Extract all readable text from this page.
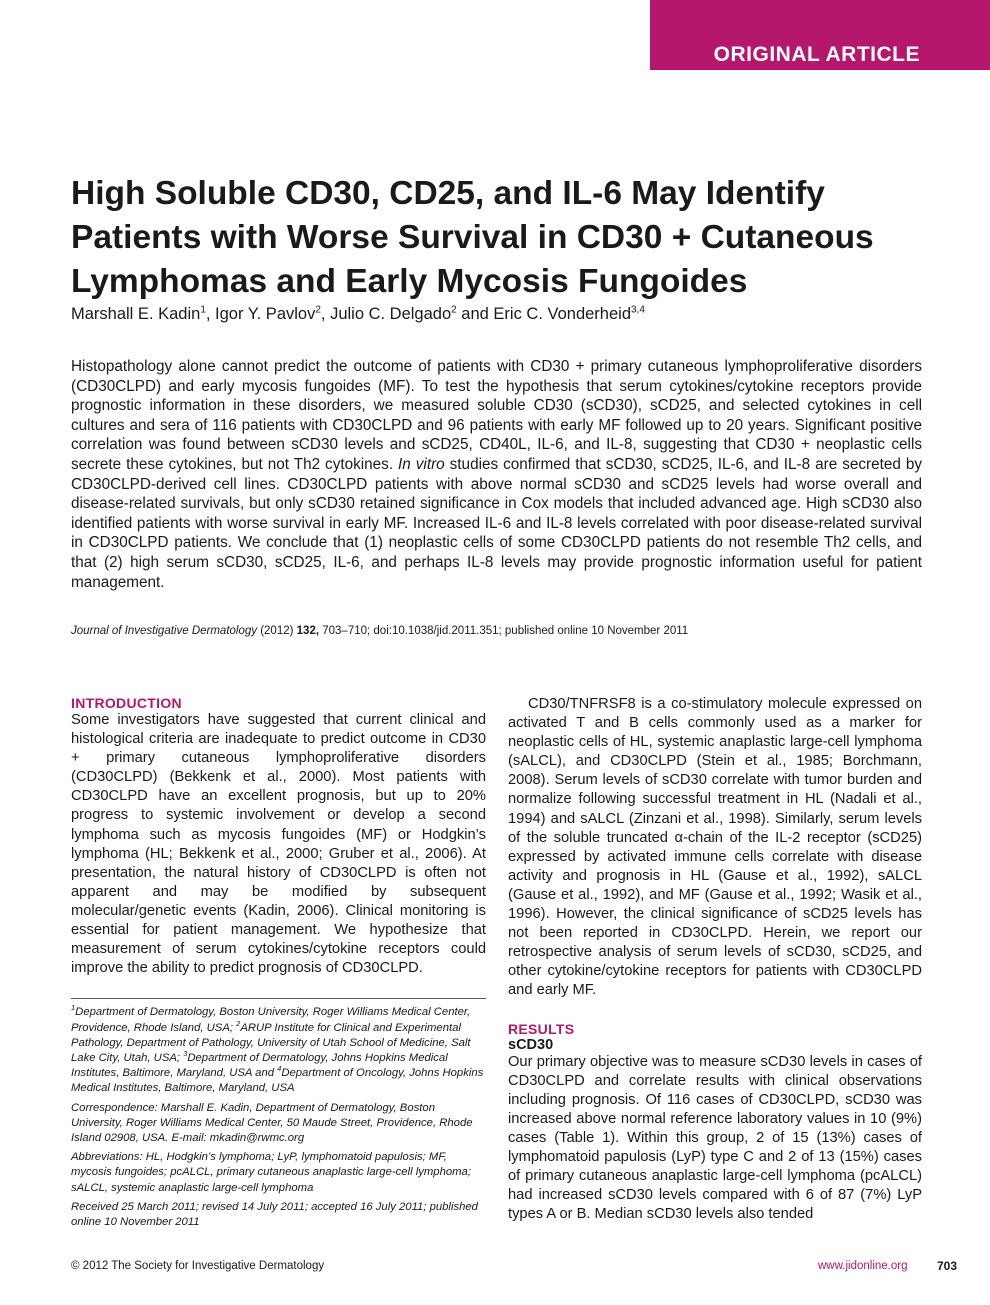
ORIGINAL ARTICLE
High Soluble CD30, CD25, and IL-6 May Identify
Patients with Worse Survival in CD30 + Cutaneous
Lymphomas and Early Mycosis Fungoides
Marshall E. Kadin$^1$, Igor Y. Pavlov$^2$, Julio C. Delgado$^2$ and Eric C. Vonderheid$^{3,4}$

Histopathology alone cannot predict the outcome of patients with CD30 + primary cutaneous lymphoproliferative disorders (CD30CLPD) and early mycosis fungoides (MF). To test the hypothesis that serum cytokines/cytokine receptors provide prognostic information in these disorders, we measured soluble CD30 (sCD30), sCD25, and selected cytokines in cell cultures and sera of 116 patients with CD30CLPD and 96 patients with early MF followed up to 20 years. Significant positive correlation was found between sCD30 levels and sCD25, CD40L, IL-6, and IL-8, suggesting that CD30 + neoplastic cells secrete these cytokines, but not Th2 cytokines. In vitro studies confirmed that sCD30, sCD25, IL-6, and IL-8 are secreted by CD30CLPD-derived cell lines. CD30CLPD patients with above normal sCD30 and sCD25 levels had worse overall and disease-related survivals, but only sCD30 retained significance in Cox models that included advanced age. High sCD30 also identified patients with worse survival in early MF. Increased IL-6 and IL-8 levels correlated with poor disease-related survival in CD30CLPD patients. We conclude that (1) neoplastic cells of some CD30CLPD patients do not resemble Th2 cells, and that (2) high serum sCD30, sCD25, IL-6, and perhaps IL-8 levels may provide prognostic information useful for patient management.

Journal of Investigative Dermatology (2012) 132, 703–710; doi:10.1038/jid.2011.351; published online 10 November 2011
INTRODUCTION

Some investigators have suggested that current clinical and histological criteria are inadequate to predict outcome in CD30 + primary cutaneous lymphoproliferative disorders (CD30CLPD) (Bekkenk et al., 2000). Most patients with CD30CLPD have an excellent prognosis, but up to 20% progress to systemic involvement or develop a second lymphoma such as mycosis fungoides (MF) or Hodgkin’s lymphoma (HL; Bekkenk et al., 2000; Gruber et al., 2006). At presentation, the natural history of CD30CLPD is often not apparent and may be modified by subsequent molecular/genetic events (Kadin, 2006). Clinical monitoring is essential for patient management. We hypothesize that measurement of serum cytokines/cytokine receptors could improve the ability to predict prognosis of CD30CLPD.

$^1$Department of Dermatology, Boston University, Roger Williams Medical Center, Providence, Rhode Island, USA; $^2$ARUP Institute for Clinical and Experimental Pathology, Department of Pathology, University of Utah School of Medicine, Salt Lake City, Utah, USA; $^3$Department of Dermatology, Johns Hopkins Medical Institutes, Baltimore, Maryland, USA and $^4$Department of Oncology, Johns Hopkins Medical Institutes, Baltimore, Maryland, USA

Correspondence: Marshall E. Kadin, Department of Dermatology, Boston University, Roger Williams Medical Center, 50 Maude Street, Providence, Rhode Island 02908, USA. E-mail: mkadin@rwmc.org

Abbreviations: HL, Hodgkin’s lymphoma; LyP, lymphomatoid papulosis; MF, mycosis fungoides; pcALCL, primary cutaneous anaplastic large-cell lymphoma; sALCL, systemic anaplastic large-cell lymphoma

Received 25 March 2011; revised 14 July 2011; accepted 16 July 2011; published online 10 November 2011

CD30/TNFRSF8 is a co-stimulatory molecule expressed on activated T and B cells commonly used as a marker for neoplastic cells of HL, systemic anaplastic large-cell lymphoma (sALCL), and CD30CLPD (Stein et al., 1985; Borchmann, 2008). Serum levels of sCD30 correlate with tumor burden and normalize following successful treatment in HL (Nadali et al., 1994) and sALCL (Zinzani et al., 1998). Similarly, serum levels of the soluble truncated α-chain of the IL-2 receptor (sCD25) expressed by activated immune cells correlate with disease activity and prognosis in HL (Gause et al., 1992), sALCL (Gause et al., 1992), and MF (Gause et al., 1992; Wasik et al., 1996). However, the clinical significance of sCD25 levels has not been reported in CD30CLPD. Herein, we report our retrospective analysis of serum levels of sCD30, sCD25, and other cytokine/cytokine receptors for patients with CD30CLPD and early MF.

RESULTS
sCD30

Our primary objective was to measure sCD30 levels in cases of CD30CLPD and correlate results with clinical observations including prognosis. Of 116 cases of CD30CLPD, sCD30 was increased above normal reference laboratory values in 10 (9%) cases (Table 1). Within this group, 2 of 15 (13%) cases of lymphomatoid papulosis (LyP) type C and 2 of 13 (15%) cases of primary cutaneous anaplastic large-cell lymphoma (pcALCL) had increased sCD30 levels compared with 6 of 87 (7%) LyP types A or B. Median sCD30 levels also tended

© 2012 The Society for Investigative Dermatology	www.jidonline.org 703
